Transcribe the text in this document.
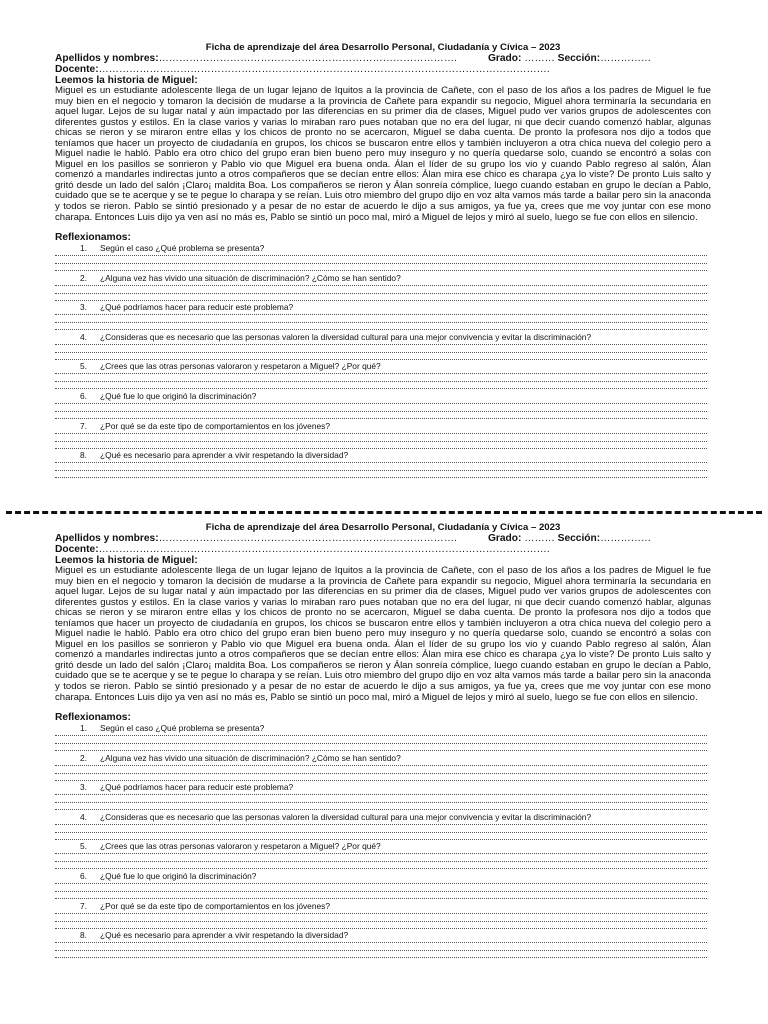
Ficha de aprendizaje del área Desarrollo Personal, Ciudadanía y Cívica – 2023
Apellidos y nombres:…………………………………………………………………………….	Grado: ……… Sección:……………
Docente:…………………………………………………………………………………………………………………….
Leemos la historia de Miguel:

Miguel es un estudiante adolescente llega de un lugar lejano de Iquitos a la provincia de Cañete, con el paso de los años a los padres de Miguel le fue muy bien en el negocio y tomaron la decisión de mudarse a la provincia de Cañete para expandir su negocio, Miguel ahora terminaría la secundaria en aquel lugar. Lejos de su lugar natal y aún impactado por las diferencias en su primer dia de clases, Miguel pudo ver varios grupos de adolescentes con diferentes gustos y estilos. En la clase varios y varias lo miraban raro pues notaban que no era del lugar, ni que decir cuando comenzó hablar, algunas chicas se rieron y se miraron entre ellas y los chicos de pronto no se acercaron, Miguel se daba cuenta. De pronto la profesora nos dijo a todos que teníamos que hacer un proyecto de ciudadanía en grupos, los chicos se buscaron entre ellos y también incluyeron a otra chica nueva del colegio pero a Miguel nadie le habló. Pablo era otro chico del grupo eran bien bueno pero muy inseguro y no quería quedarse solo, cuando se encontró a solas con Miguel en los pasillos se sonrieron y Pablo vio que Miguel era buena onda. Álan el líder de su grupo los vio y cuando Pablo regreso al salón, Álan comenzó a mandarles indirectas junto a otros compañeros que se decían entre ellos: Álan mira ese chico es charapa ¿ya lo viste? De pronto Luis salto y gritó desde un lado del salón ¡Claro¡ maldita Boa. Los compañeros se rieron y Álan sonreía cómplice, luego cuando estaban en grupo le decían a Pablo, cuidado que se te acerque y se te pegue lo charapa y se reían. Luis otro miembro del grupo dijo en voz alta vamos más tarde a bailar pero sin la anaconda y todos se rieron. Pablo se sintió presionado y a pesar de no estar de acuerdo le dijo a sus amigos, ya fue ya, crees que me voy juntar con ese mono charapa. Entonces Luis dijo ya ven así no más es, Pablo se sintió un poco mal, miró a Miguel de lejos y miró al suelo, luego se fue con ellos en silencio.

Reflexionamos:
1. Según el caso ¿Qué problema se presenta?
2. ¿Alguna vez has vivido una situación de discriminación? ¿Cómo se han sentido?
3. ¿Qué podríamos hacer para reducir este problema?
4. ¿Consideras que es necesario que las personas valoren la diversidad cultural para una mejor convivencia y evitar la discriminación?
5. ¿Crees que las otras personas valoraron y respetaron a Miguel? ¿Por qué?
6. ¿Qué fue lo que originó la discriminación?
7. ¿Por qué se da este tipo de comportamientos en los jóvenes?
8. ¿Qué es necesario para aprender a vivir respetando la diversidad?
Ficha de aprendizaje del área Desarrollo Personal, Ciudadanía y Cívica – 2023
Apellidos y nombres:…………………………………………………………………………….	Grado: ……… Sección:……………
Docente:…………………………………………………………………………………………………………………….
Leemos la historia de Miguel:

Miguel es un estudiante adolescente llega de un lugar lejano de Iquitos a la provincia de Cañete, con el paso de los años a los padres de Miguel le fue muy bien en el negocio y tomaron la decisión de mudarse a la provincia de Cañete para expandir su negocio, Miguel ahora terminaría la secundaria en aquel lugar. Lejos de su lugar natal y aún impactado por las diferencias en su primer dia de clases, Miguel pudo ver varios grupos de adolescentes con diferentes gustos y estilos. En la clase varios y varias lo miraban raro pues notaban que no era del lugar, ni que decir cuando comenzó hablar, algunas chicas se rieron y se miraron entre ellas y los chicos de pronto no se acercaron, Miguel se daba cuenta. De pronto la profesora nos dijo a todos que teníamos que hacer un proyecto de ciudadanía en grupos, los chicos se buscaron entre ellos y también incluyeron a otra chica nueva del colegio pero a Miguel nadie le habló. Pablo era otro chico del grupo eran bien bueno pero muy inseguro y no quería quedarse solo, cuando se encontró a solas con Miguel en los pasillos se sonrieron y Pablo vio que Miguel era buena onda. Álan el líder de su grupo los vio y cuando Pablo regreso al salón, Álan comenzó a mandarles indirectas junto a otros compañeros que se decían entre ellos: Álan mira ese chico es charapa ¿ya lo viste? De pronto Luis salto y gritó desde un lado del salón ¡Claro¡ maldita Boa. Los compañeros se rieron y Álan sonreía cómplice, luego cuando estaban en grupo le decían a Pablo, cuidado que se te acerque y se te pegue lo charapa y se reían. Luis otro miembro del grupo dijo en voz alta vamos más tarde a bailar pero sin la anaconda y todos se rieron. Pablo se sintió presionado y a pesar de no estar de acuerdo le dijo a sus amigos, ya fue ya, crees que me voy juntar con ese mono charapa. Entonces Luis dijo ya ven así no más es, Pablo se sintió un poco mal, miró a Miguel de lejos y miró al suelo, luego se fue con ellos en silencio.

Reflexionamos:
1. Según el caso ¿Qué problema se presenta?
2. ¿Alguna vez has vivido una situación de discriminación? ¿Cómo se han sentido?
3. ¿Qué podríamos hacer para reducir este problema?
4. ¿Consideras que es necesario que las personas valoren la diversidad cultural para una mejor convivencia y evitar la discriminación?
5. ¿Crees que las otras personas valoraron y respetaron a Miguel? ¿Por qué?
6. ¿Qué fue lo que originó la discriminación?
7. ¿Por qué se da este tipo de comportamientos en los jóvenes?
8. ¿Qué es necesario para aprender a vivir respetando la diversidad?
